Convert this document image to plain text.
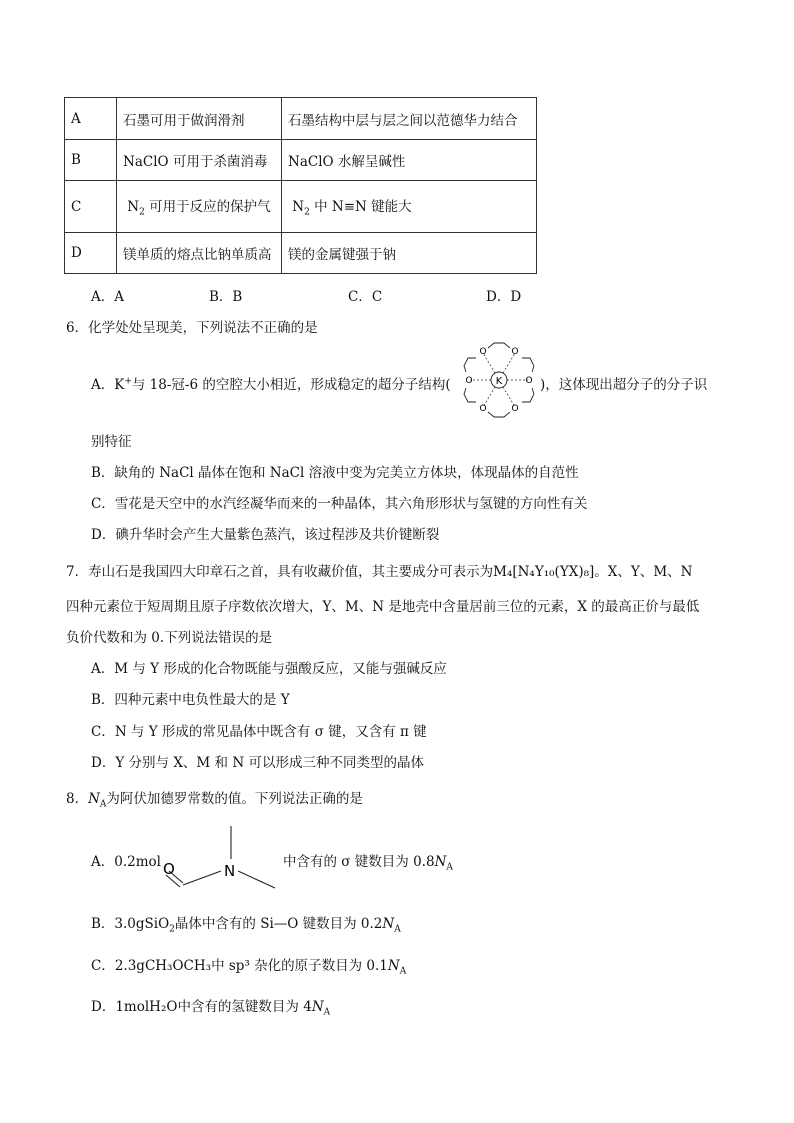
A	石墨可用于做润滑剂	石墨结构中层与层之间以范德华力结合
B	NaClO 可用于杀菌消毒	NaClO 水解呈碱性
C	$N_2$ 可用于反应的保护气	$N_2$ 中 N≡N 键能大
D	镁单质的熔点比钠单质高	镁的金属键强于钠
A．A	B．B	C．C	D．D
6．化学处处呈现美，下列说法不正确的是
A．K+与 18-冠-6 的空腔大小相近，形成稳定的超分子结构(	K
O	O
O
O
O
O	)，这体现出超分子的分子识
别特征
B．缺角的 NaCl 晶体在饱和 NaCl 溶液中变为完美立方体块，体现晶体的自范性
C．雪花是天空中的水汽经凝华而来的一种晶体，其六角形形状与氢键的方向性有关
D．碘升华时会产生大量紫色蒸汽，该过程涉及共价键断裂
7．寿山石是我国四大印章石之首，具有收藏价值，其主要成分可表示为M₄[N₄Y₁₀(YX)₈]。X、Y、M、N
四种元素位于短周期且原子序数依次增大，Y、M、N 是地壳中含量居前三位的元素，X 的最高正价与最低
负价代数和为 0.下列说法错误的是
A．M 与 Y 形成的化合物既能与强酸反应，又能与强碱反应
B．四种元素中电负性最大的是 Y
C．N 与 Y 形成的常见晶体中既含有 σ 键，又含有 π 键
D．Y 分别与 X、M 和 N 可以形成三种不同类型的晶体
8．$N_A$为阿伏加德罗常数的值。下列说法正确的是
A．0.2mol O	N	中含有的 σ 键数目为 $0.8N_A$
B．3.0gSiO$_2$晶体中含有的 Si—O 键数目为 $0.2N_A$
C．2.3gCH₃OCH₃中 sp³ 杂化的原子数目为 $0.1N_A$
D．1molH₂O中含有的氢键数目为 $4N_A$
